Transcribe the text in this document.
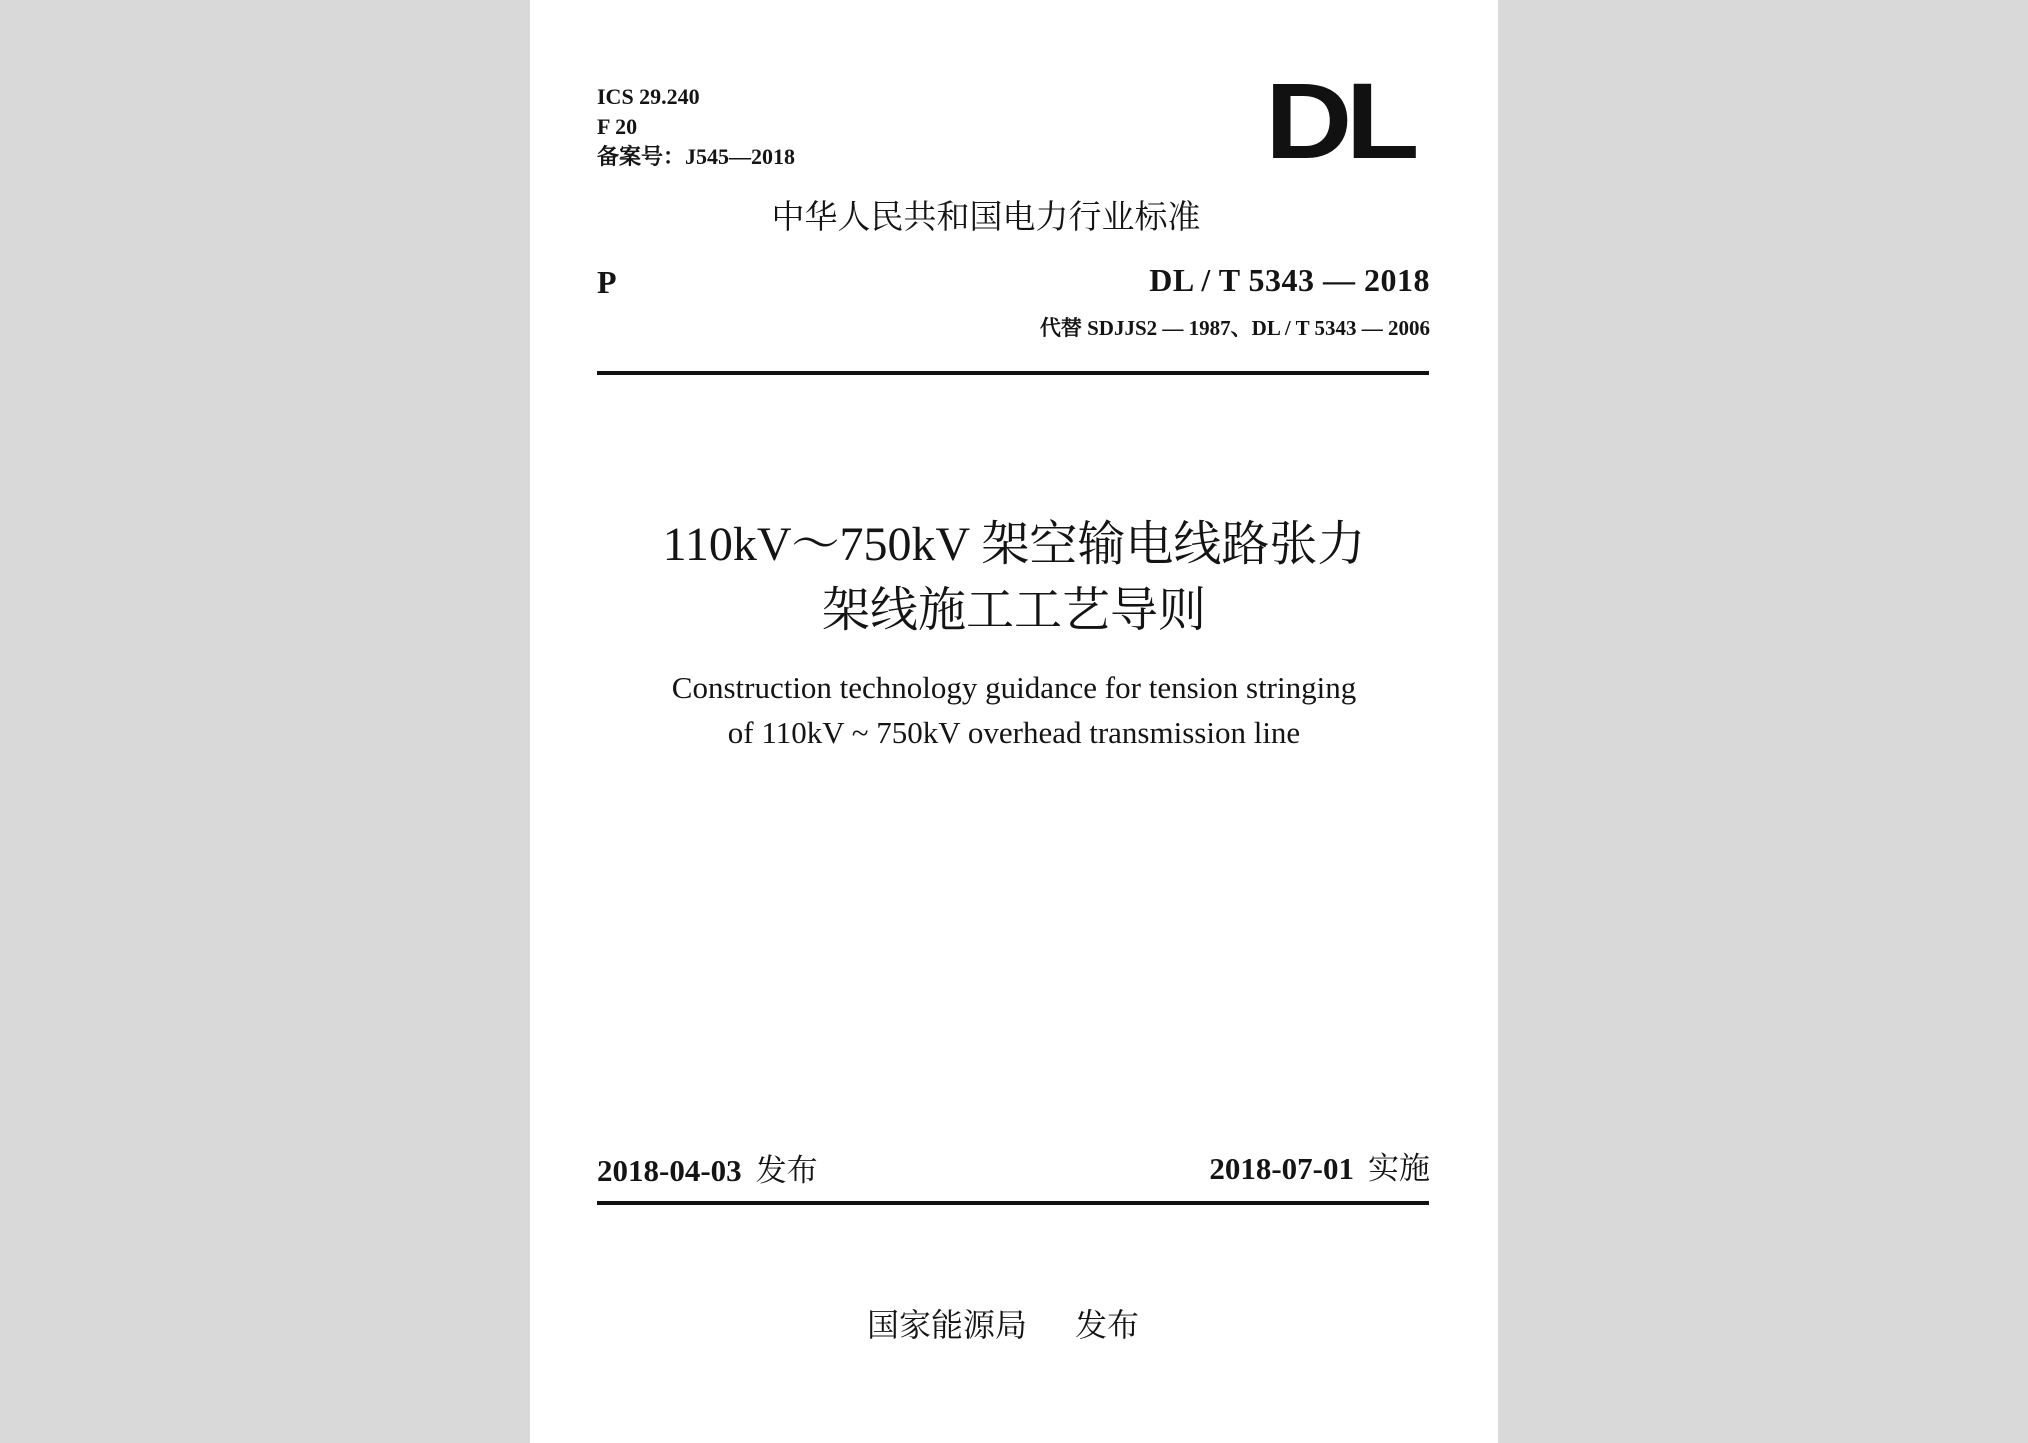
ICS 29.240
F 20
备案号：J545—2018	DL
中华人民共和国电力行业标准
P	DL / T 5343 — 2018
代替 SDJJS2 — 1987、DL / T 5343 — 2006
110kV～750kV 架空输电线路张力
架线施工工艺导则
Construction technology guidance for tension stringing
of 110kV ~ 750kV overhead transmission line
2018-04-03 发布	2018-07-01 实施
国家能源局 发布
